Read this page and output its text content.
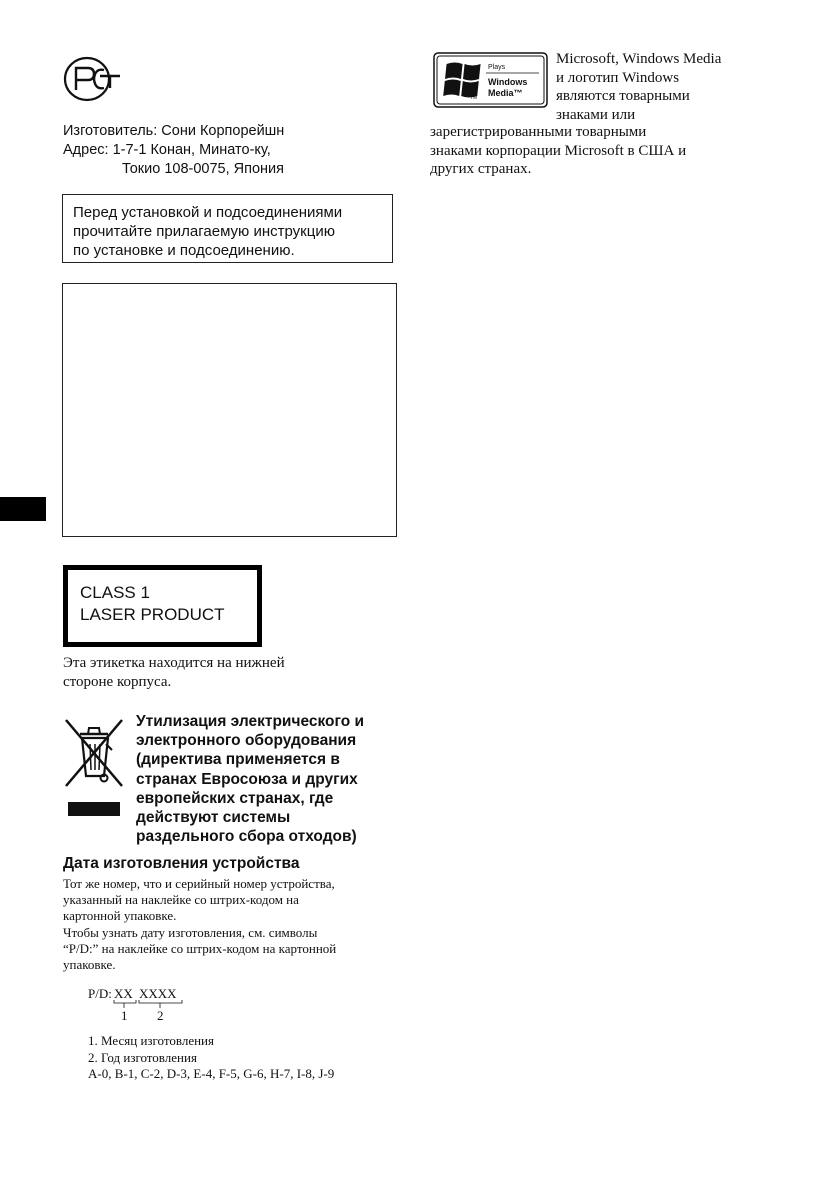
Изготовитель: Сони Корпорейшн
Адрес: 1-7-1 Конан, Минато-ку,
Токио 108-0075, Япония
Перед установкой и подсоединениями
прочитайте прилагаемую инструкцию
по установке и подсоединению.
CLASS 1
LASER PRODUCT
Эта этикетка находится на нижней
стороне корпуса.
Утилизация электрического и
электронного оборудования
(директива применяется в
странах Евросоюза и других
европейских странах, где
действуют системы
раздельного сбора отходов)
Дата изготовления устройства
Тот же номер, что и серийный номер устройства,
указанный на наклейке со штрих-кодом на
картонной упаковке.
Чтобы узнать дату изготовления, см. символы
“P/D:” на наклейке со штрих-кодом на картонной
упаковке.
P/D: XX XXXX
1 2
1. Месяц изготовления
2. Год изготовления
A-0, B-1, C-2, D-3, E-4, F-5, G-6, H-7, I-8, J-9
TM
Plays
Windows
Media™
Microsoft, Windows Media
и логотип Windows
являются товарными
знаками или
зарегистрированными товарными
знаками корпорации Microsoft в США и
других странах.
